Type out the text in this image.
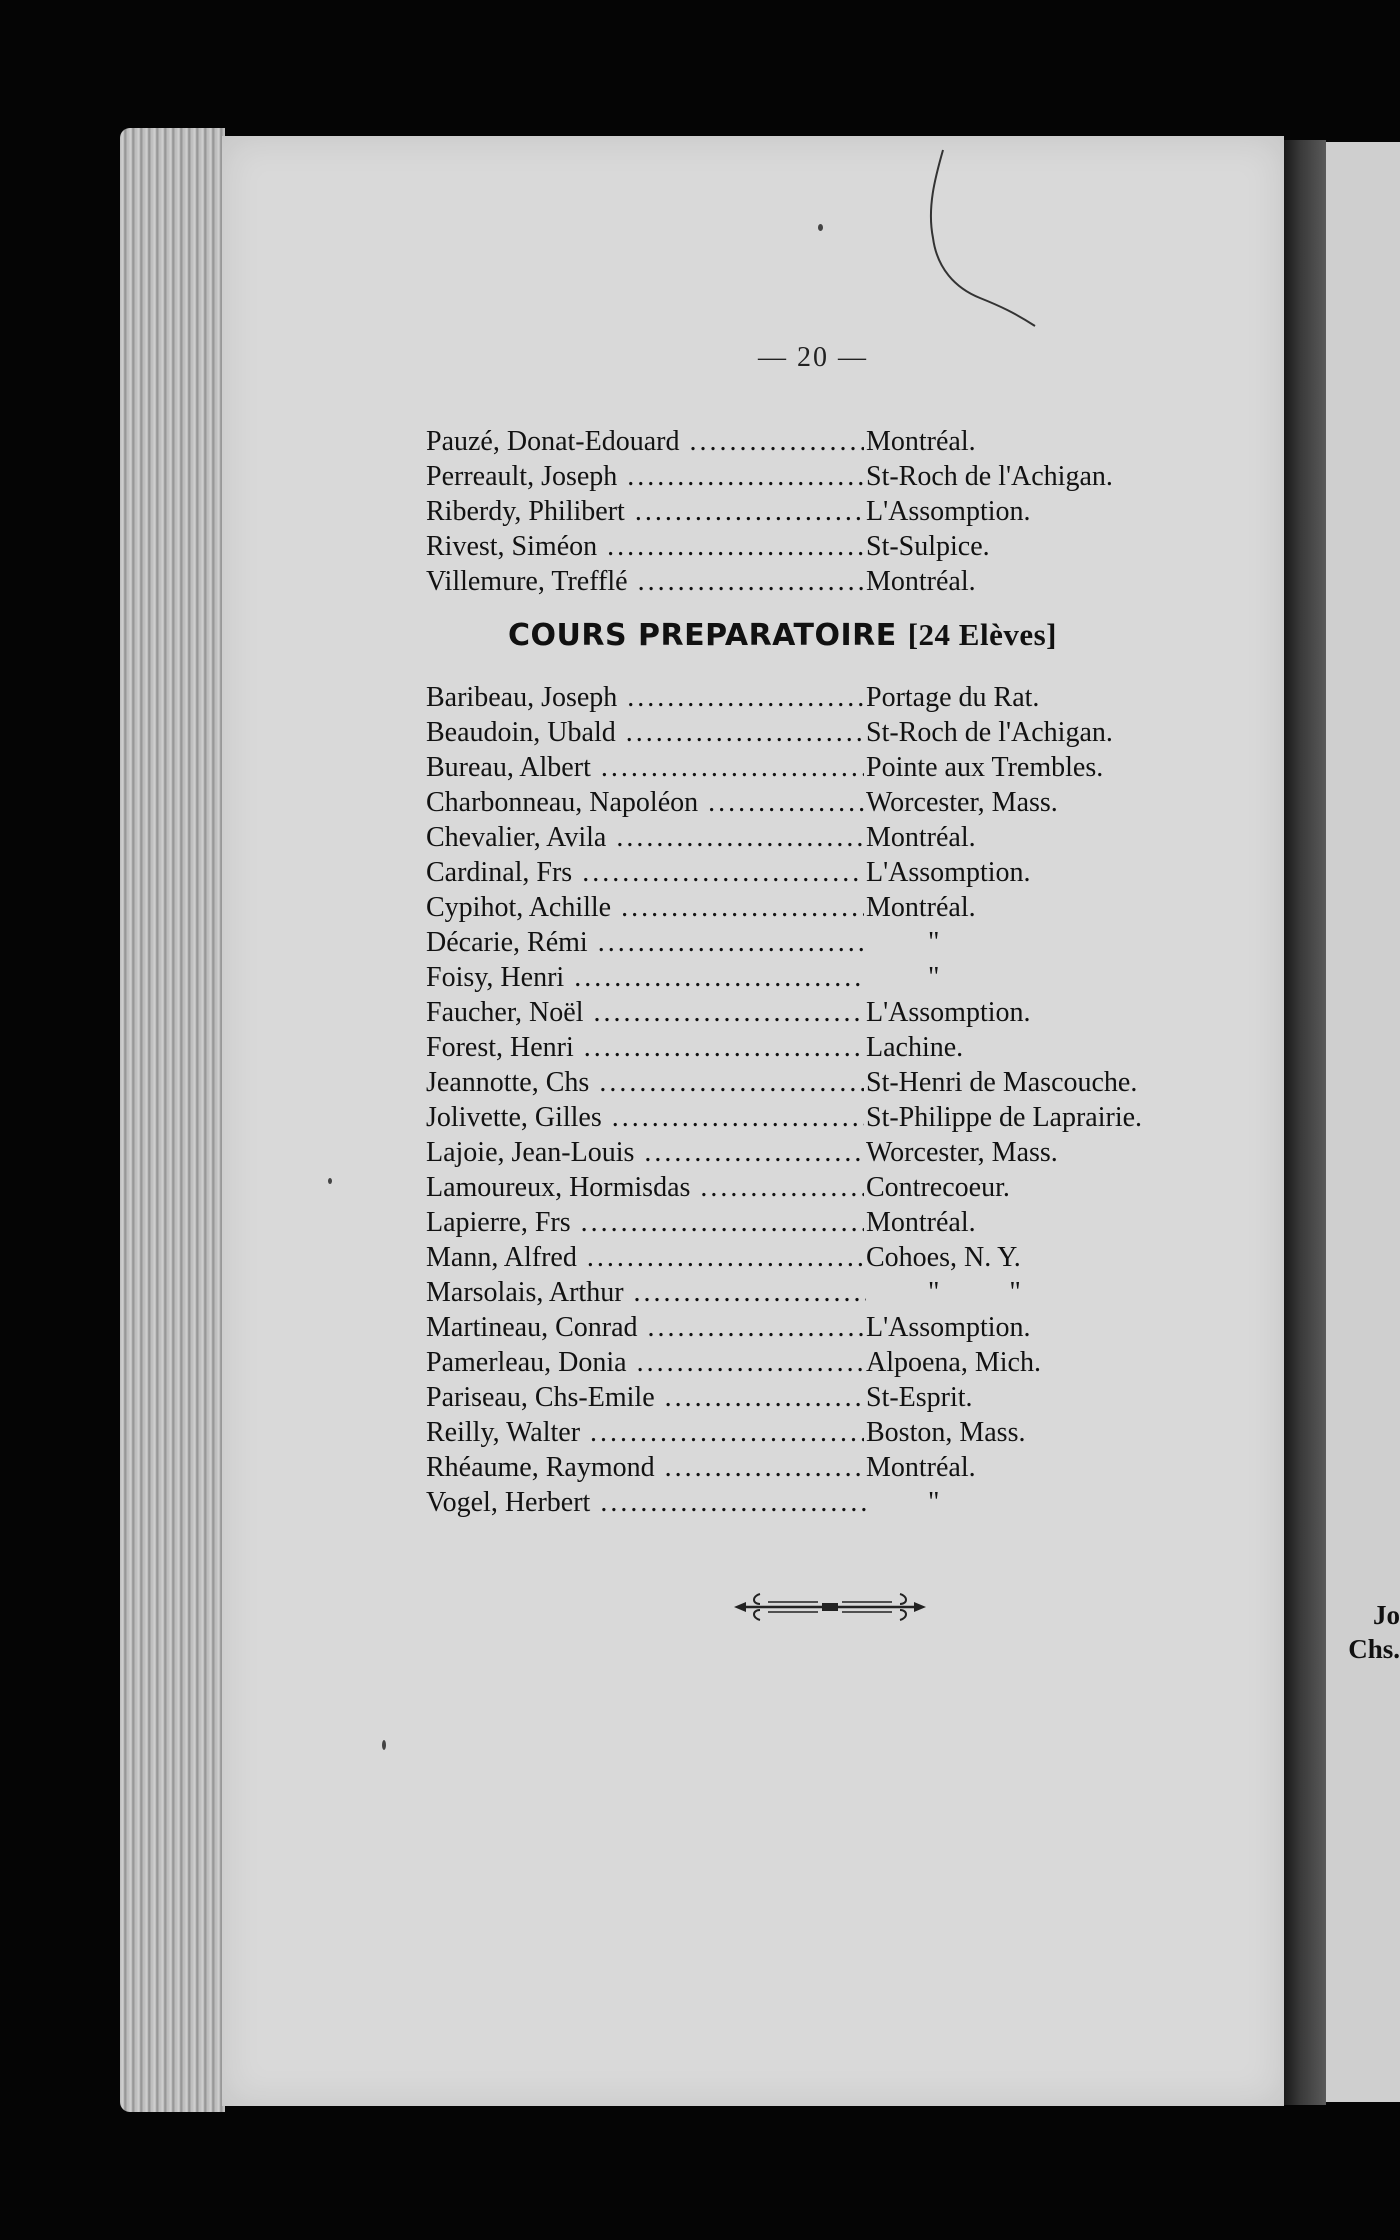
Jo
Chs.
— 20 —
Pauzé, Donat-Edouard .....	Montréal.
Perreault, Joseph .....	St-Roch de l'Achigan.
Riberdy, Philibert .....	L'Assomption.
Rivest, Siméon .....	St-Sulpice.
Villemure, Trefflé .....	Montréal.
COURS PREPARATOIRE [24 Elèves]
Baribeau, Joseph .....	Portage du Rat.
Beaudoin, Ubald .....	St-Roch de l'Achigan.
Bureau, Albert .....	Pointe aux Trembles.
Charbonneau, Napoléon .....	Worcester, Mass.
Chevalier, Avila .....	Montréal.
Cardinal, Frs .....	L'Assomption.
Cypihot, Achille .....	Montréal.
Décarie, Rémi .....	"
Foisy, Henri .....	"
Faucher, Noël .....	L'Assomption.
Forest, Henri .....	Lachine.
Jeannotte, Chs .....	St-Henri de Mascouche.
Jolivette, Gilles .....	St-Philippe de Laprairie.
Lajoie, Jean-Louis .....	Worcester, Mass.
Lamoureux, Hormisdas .....	Contrecoeur.
Lapierre, Frs .....	Montréal.
Mann, Alfred .....	Cohoes, N. Y.
Marsolais, Arthur .....	"          "
Martineau, Conrad .....	L'Assomption.
Pamerleau, Donia .....	Alpoena, Mich.
Pariseau, Chs-Emile .....	St-Esprit.
Reilly, Walter .....	Boston, Mass.
Rhéaume, Raymond .....	Montréal.
Vogel, Herbert .....	"
